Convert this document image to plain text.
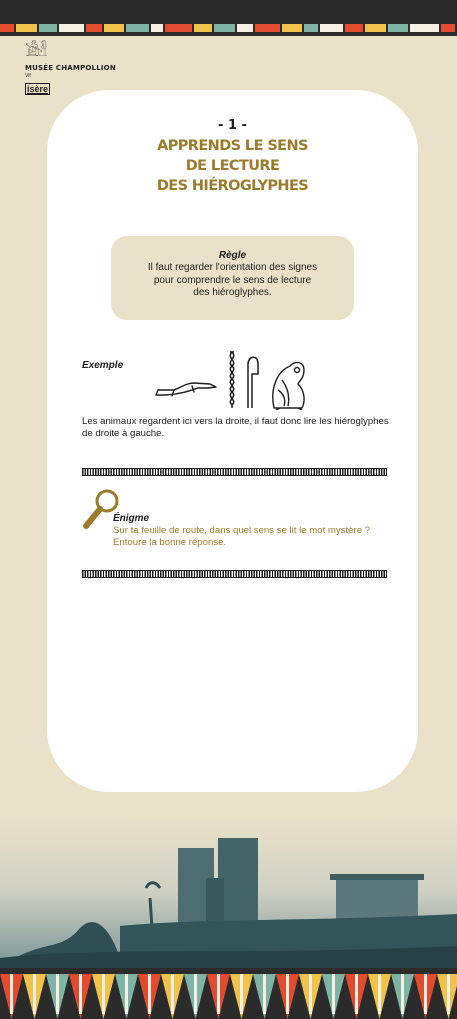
𓀀𓁐
MUSÉE CHAMPOLLION
Vif
isère
- 1 -
APPRENDS LE SENS
DE LECTURE
DES HIÉROGLYPHES
Règle
Il faut regarder l'orientation des signes
pour comprendre le sens de lecture
des hiéroglyphes.
Exemple
Les animaux regardent ici vers la droite, il faut donc lire les hiéroglyphes de droite à gauche.
Énigme
Sur ta feuille de route, dans quel sens se lit le mot mystère ? Entoure la bonne réponse.
